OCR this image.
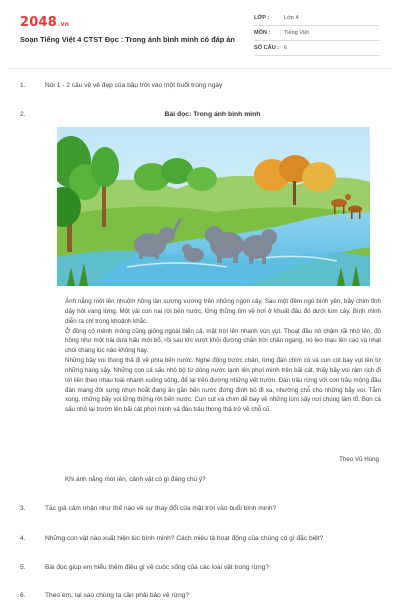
2048.vn
Soạn Tiếng Việt 4 CTST Đọc : Trong ánh bình minh có đáp án
LỚP :	Lớp 4
MÔN : Tiếng Việt
SỐ CÂU : 6
1.	Nói 1 - 2 câu về vẻ đẹp của bầu trời vào một buổi trong ngày
2.	Bài đọc: Trong ánh bình minh

Ánh nắng mới lên nhuộm hồng làn sương vương trên những ngọn cây. Sau một đêm ngủ bình yên, bầy chim tỉnh dậy hót vang lừng. Một vài con nai rời bến nước, lững thững tìm về nơi ở khuất đâu đó dưới lùm cây. Bình minh diễn ra chỉ trong khoảnh khắc.

Ở đồng cỏ mênh mông cũng giống ngoài biển cả, mặt trời lên nhanh vùn vụt. Thoạt đầu nó chậm rãi nhô lên, đỏ hồng như một trái dưa hấu mới bổ, rồi sau khi vượt khỏi đường chân trời chân ngang, nó leo mau lên cao và nhạt chói chang lúc nào không hay.

Những bầy voi thong thả đi về phía bến nước. Nghe động bước chân, từng đàn chim cò và cun cút bay vụt lên từ những hàng sậy. Những con cá sấu nhô bộ từ dòng nước lạnh lên phơi mình trên bãi cát, thấy bầy voi rậm rịch đi tới liền theo nhau toài nhanh xuống sông, để lại trên đường những vết trườn. Đàn trâu rừng với con trâu mộng đầu đàn mang đôi sừng nhọn hoắt đang ăn gần bến nước đứng đình bỏ đi xa, nhường chỗ cho những bầy voi. Tắm xong, những bầy voi lững thững rời bến nước. Cun cút và chim dẽ bay về những lùm sậy nơi chúng làm tổ. Bọn cá sấu nhô lại trườn lên bãi cát phơi mình và đàn trâu thong thả trở về chỗ cũ.

Theo Vũ Hùng
Khi ánh nắng mới lên, cảnh vật có gì đáng chú ý?
3.	Tác giả cảm nhận như thế nào về sự thay đổi của mặt trời vào buổi bình minh?
4.	Những con vật nào xuất hiện lúc bình minh? Cách miêu tả hoạt động của chúng có gì đặc biệt?
5.	Bài đọc giúp em hiểu thêm điều gì về cuộc sống của các loài vật trong rừng?
6.	Theo em, tại sao chúng ta cần phải bảo vệ rừng?
